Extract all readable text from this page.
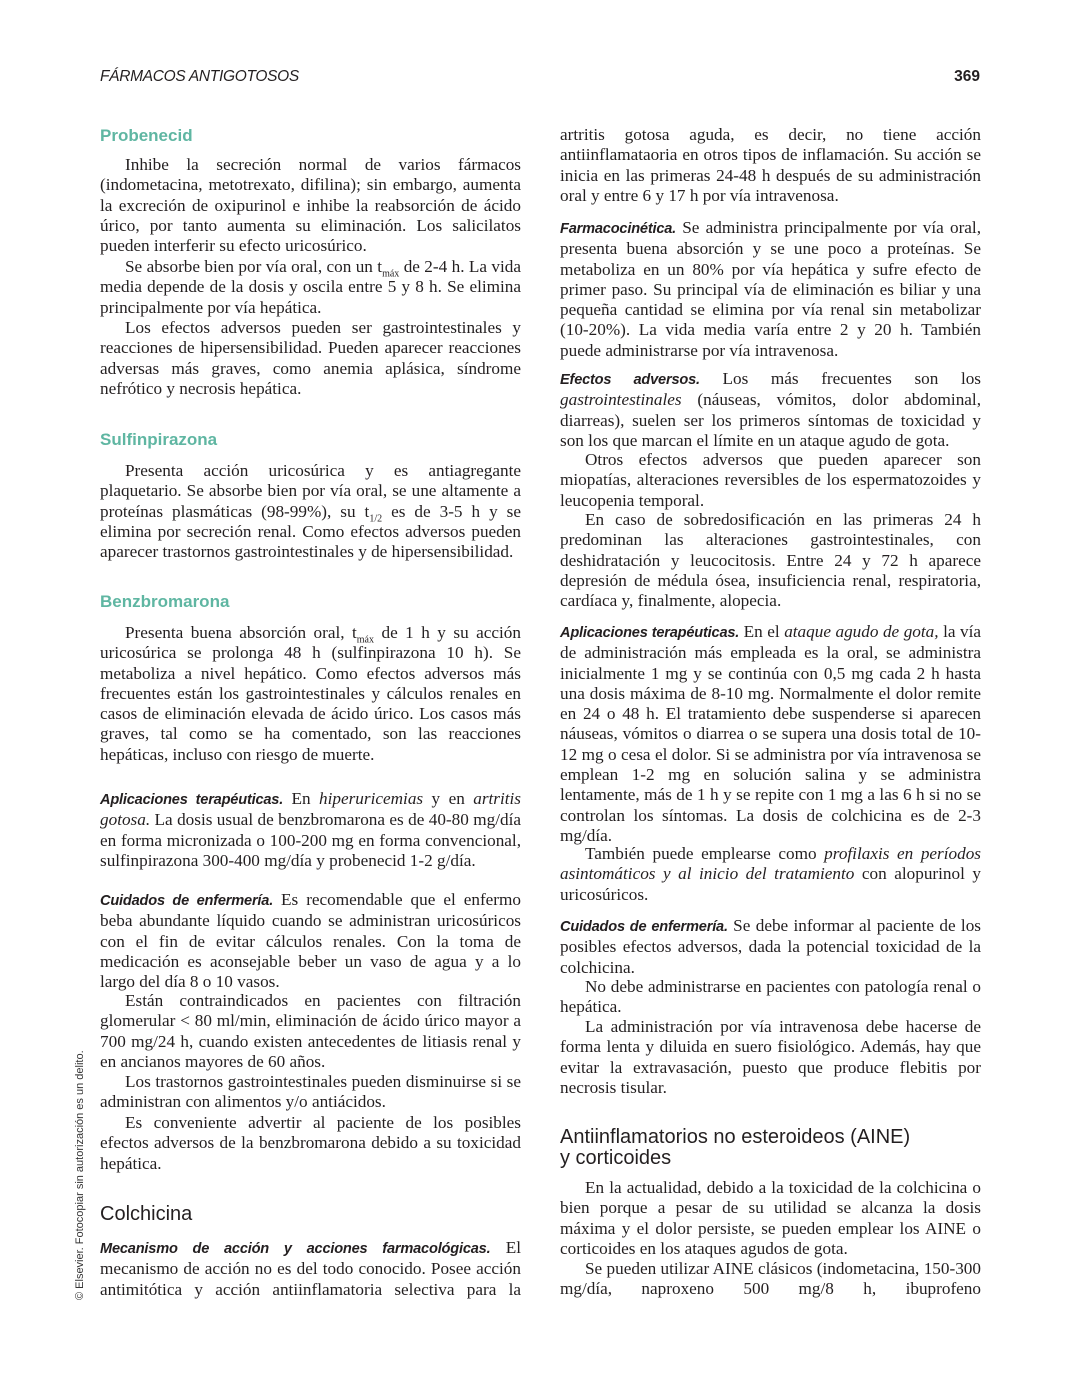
FÁRMACOS ANTIGOTOSOS	369
© Elsevier. Fotocopiar sin autorización es un delito.
Probenecid
Inhibe la secreción normal de varios fármacos (indometacina, metotrexato, difilina); sin embargo, aumenta la excreción de oxipurinol e inhibe la reabsorción de ácido úrico, por tanto aumenta su eliminación. Los salicilatos pueden interferir su efecto uricosúrico.
Se absorbe bien por vía oral, con un $t_{máx}$ de 2-4 h. La vida media depende de la dosis y oscila entre 5 y 8 h. Se elimina principalmente por vía hepática.
Los efectos adversos pueden ser gastrointestinales y reacciones de hipersensibilidad. Pueden aparecer reacciones adversas más graves, como anemia aplásica, síndrome nefrótico y necrosis hepática.
Sulfinpirazona
Presenta acción uricosúrica y es antiagregante plaquetario. Se absorbe bien por vía oral, se une altamente a proteínas plasmáticas (98-99%), su $t_{1/2}$ es de 3-5 h y se elimina por secreción renal. Como efectos adversos pueden aparecer trastornos gastrointestinales y de hipersensibilidad.
Benzbromarona
Presenta buena absorción oral, $t_{máx}$ de 1 h y su acción uricosúrica se prolonga 48 h (sulfinpirazona 10 h). Se metaboliza a nivel hepático. Como efectos adversos más frecuentes están los gastrointestinales y cálculos renales en casos de eliminación elevada de ácido úrico. Los casos más graves, tal como se ha comentado, son las reacciones hepáticas, incluso con riesgo de muerte.
Aplicaciones terapéuticas. En hiperuricemias y en artritis gotosa. La dosis usual de benzbromarona es de 40-80 mg/día en forma micronizada o 100-200 mg en forma convencional, sulfinpirazona 300-400 mg/día y probenecid 1-2 g/día.
Cuidados de enfermería. Es recomendable que el enfermo beba abundante líquido cuando se administran uricosúricos con el fin de evitar cálculos renales. Con la toma de medicación es aconsejable beber un vaso de agua y a lo largo del día 8 o 10 vasos.
Están contraindicados en pacientes con filtración glomerular < 80 ml/min, eliminación de ácido úrico mayor a 700 mg/24 h, cuando existen antecedentes de litiasis renal y en ancianos mayores de 60 años.
Los trastornos gastrointestinales pueden disminuirse si se administran con alimentos y/o antiácidos.
Es conveniente advertir al paciente de los posibles efectos adversos de la benzbromarona debido a su toxicidad hepática.
Colchicina
Mecanismo de acción y acciones farmacológicas. El mecanismo de acción no es del todo conocido. Posee acción antimitótica y acción antiinflamatoria selectiva para la
artritis gotosa aguda, es decir, no tiene acción antiinflamataoria en otros tipos de inflamación. Su acción se inicia en las primeras 24-48 h después de su administración oral y entre 6 y 17 h por vía intravenosa.
Farmacocinética. Se administra principalmente por vía oral, presenta buena absorción y se une poco a proteínas. Se metaboliza en un 80% por vía hepática y sufre efecto de primer paso. Su principal vía de eliminación es biliar y una pequeña cantidad se elimina por vía renal sin metabolizar (10-20%). La vida media varía entre 2 y 20 h. También puede administrarse por vía intravenosa.
Efectos adversos. Los más frecuentes son los gastrointestinales (náuseas, vómitos, dolor abdominal, diarreas), suelen ser los primeros síntomas de toxicidad y son los que marcan el límite en un ataque agudo de gota.
Otros efectos adversos que pueden aparecer son miopatías, alteraciones reversibles de los espermatozoides y leucopenia temporal.
En caso de sobredosificación en las primeras 24 h predominan las alteraciones gastrointestinales, con deshidratación y leucocitosis. Entre 24 y 72 h aparece depresión de médula ósea, insuficiencia renal, respiratoria, cardíaca y, finalmente, alopecia.
Aplicaciones terapéuticas. En el ataque agudo de gota, la vía de administración más empleada es la oral, se administra inicialmente 1 mg y se continúa con 0,5 mg cada 2 h hasta una dosis máxima de 8-10 mg. Normalmente el dolor remite en 24 o 48 h. El tratamiento debe suspenderse si aparecen náuseas, vómitos o diarrea o se supera una dosis total de 10-12 mg o cesa el dolor. Si se administra por vía intravenosa se emplean 1-2 mg en solución salina y se administra lentamente, más de 1 h y se repite con 1 mg a las 6 h si no se controlan los síntomas. La dosis de colchicina es de 2-3 mg/día.
También puede emplearse como profilaxis en períodos asintomáticos y al inicio del tratamiento con alopurinol y uricosúricos.
Cuidados de enfermería. Se debe informar al paciente de los posibles efectos adversos, dada la potencial toxicidad de la colchicina.
No debe administrarse en pacientes con patología renal o hepática.
La administración por vía intravenosa debe hacerse de forma lenta y diluida en suero fisiológico. Además, hay que evitar la extravasación, puesto que produce flebitis por necrosis tisular.
Antiinflamatorios no esteroideos (AINE)
y corticoides
En la actualidad, debido a la toxicidad de la colchicina o bien porque a pesar de su utilidad se alcanza la dosis máxima y el dolor persiste, se pueden emplear los AINE o corticoides en los ataques agudos de gota.
Se pueden utilizar AINE clásicos (indometacina, 150-300 mg/día, naproxeno 500 mg/8 h, ibuprofeno
